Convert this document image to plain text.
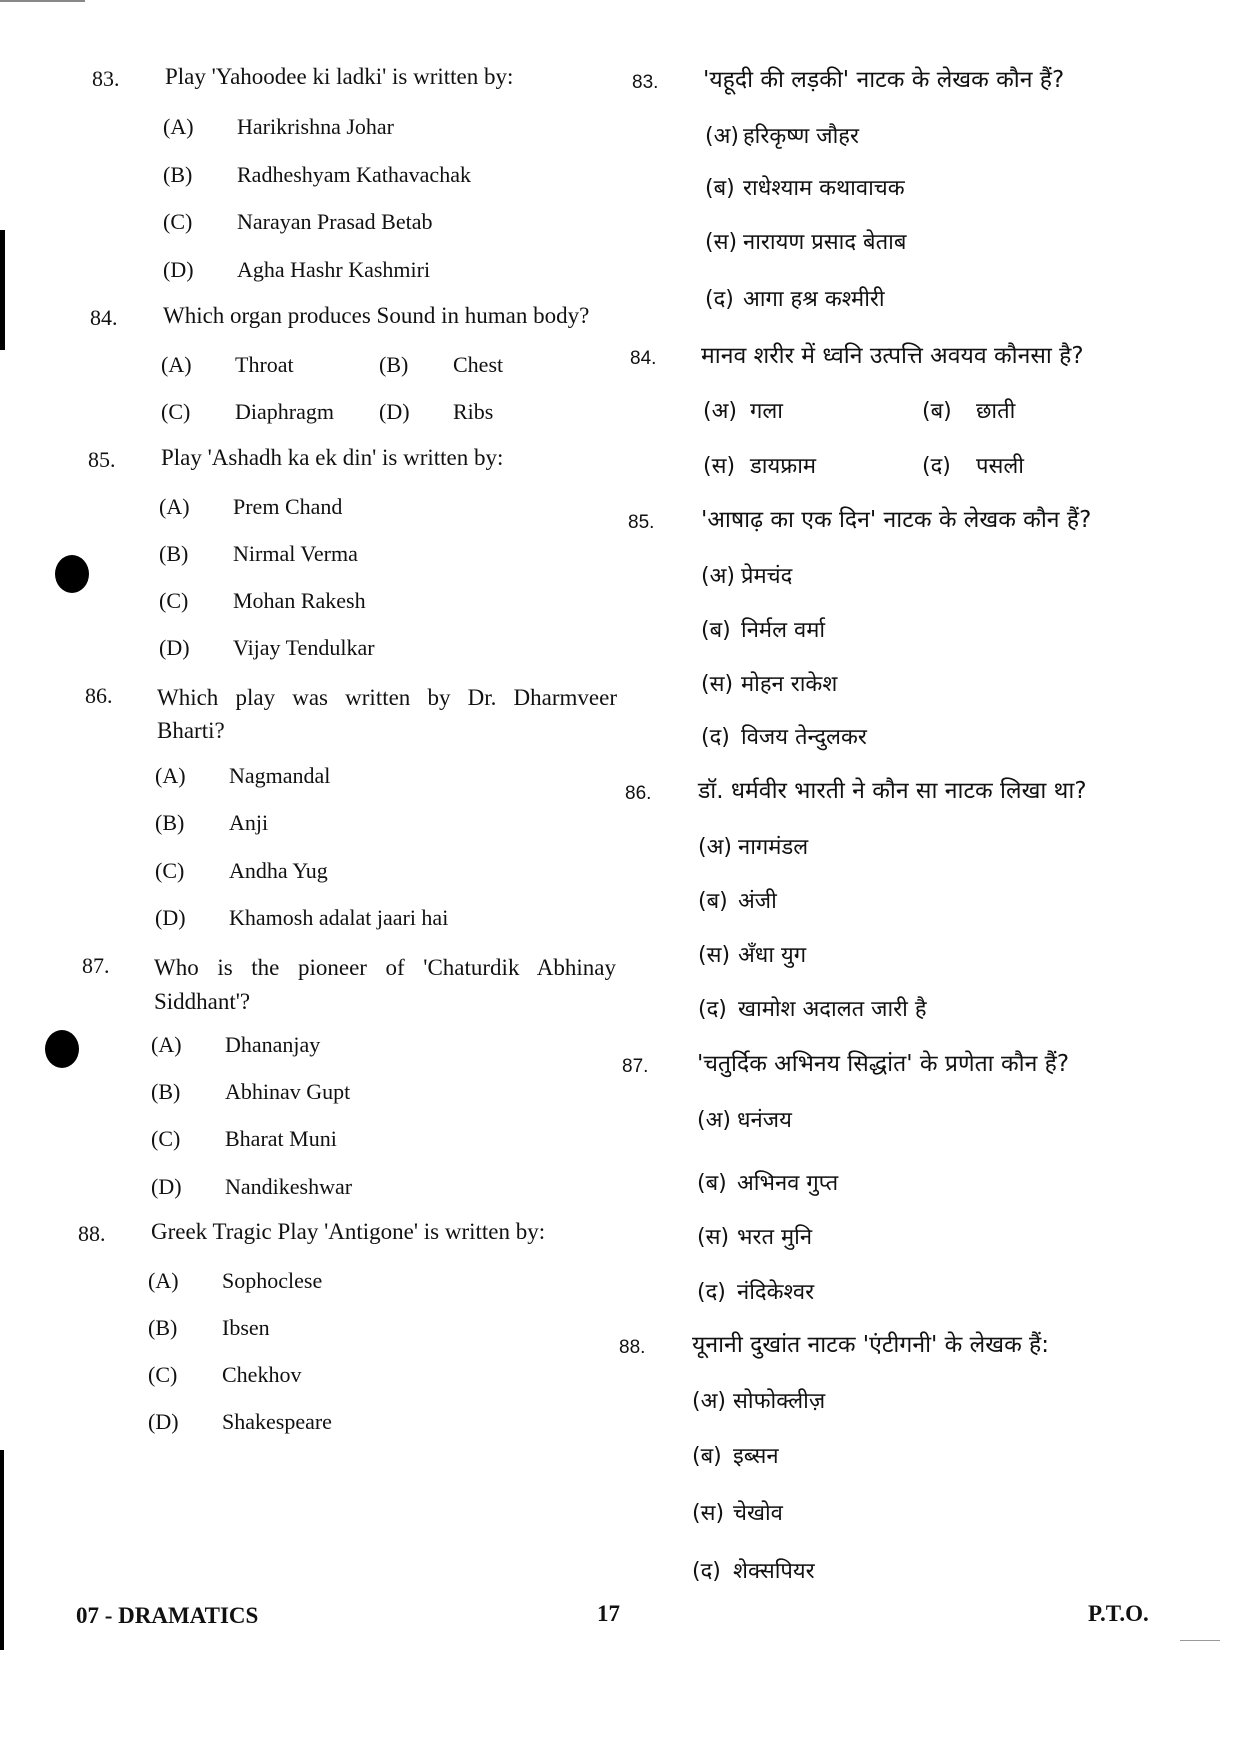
83. Play 'Yahoodee ki ladki' is written by:
(A) Harikrishna Johar
(B) Radheshyam Kathavachak
(C) Narayan Prasad Betab
(D) Agha Hashr Kashmiri
84. Which organ produces Sound in human body?
(A) Throat	(B) Chest
(C) Diaphragm (D) Ribs
85. Play 'Ashadh ka ek din' is written by:
(A) Prem Chand
(B) Nirmal Verma
(C) Mohan Rakesh
(D) Vijay Tendulkar
86. Which play was written by Dr. Dharmveer Bharti?
(A) Nagmandal
(B) Anji
(C) Andha Yug
(D) Khamosh adalat jaari hai
87. Who is the pioneer of 'Chaturdik Abhinay Siddhant'?
(A) Dhananjay
(B) Abhinav Gupt
(C) Bharat Muni
(D) Nandikeshwar
88. Greek Tragic Play 'Antigone' is written by:
(A) Sophoclese
(B) Ibsen
(C) Chekhov
(D) Shakespeare
83. 'यहूदी की लड़की' नाटक के लेखक कौन हैं?
(अ) हरिकृष्ण जौहर
(ब) राधेश्याम कथावाचक
(स) नारायण प्रसाद बेताब
(द) आगा हश्र कश्मीरी
84. मानव शरीर में ध्वनि उत्पत्ति अवयव कौनसा है?
(अ) गला	(ब) छाती
(स) डायफ्राम	(द) पसली
85. 'आषाढ़ का एक दिन' नाटक के लेखक कौन हैं?
(अ) प्रेमचंद
(ब) निर्मल वर्मा
(स) मोहन राकेश
(द) विजय तेन्दुलकर
86. डॉ. धर्मवीर भारती ने कौन सा नाटक लिखा था?
(अ) नागमंडल
(ब) अंजी
(स) अँधा युग
(द) खामोश अदालत जारी है
87. 'चतुर्दिक अभिनय सिद्धांत' के प्रणेता कौन हैं?
(अ) धनंजय
(ब) अभिनव गुप्त
(स) भरत मुनि
(द) नंदिकेश्वर
88. यूनानी दुखांत नाटक 'एंटीगनी' के लेखक हैं:
(अ) सोफोक्लीज़
(ब) इब्सन
(स) चेखोव
(द) शेक्सपियर
07 - DRAMATICS	17	P.T.O.
